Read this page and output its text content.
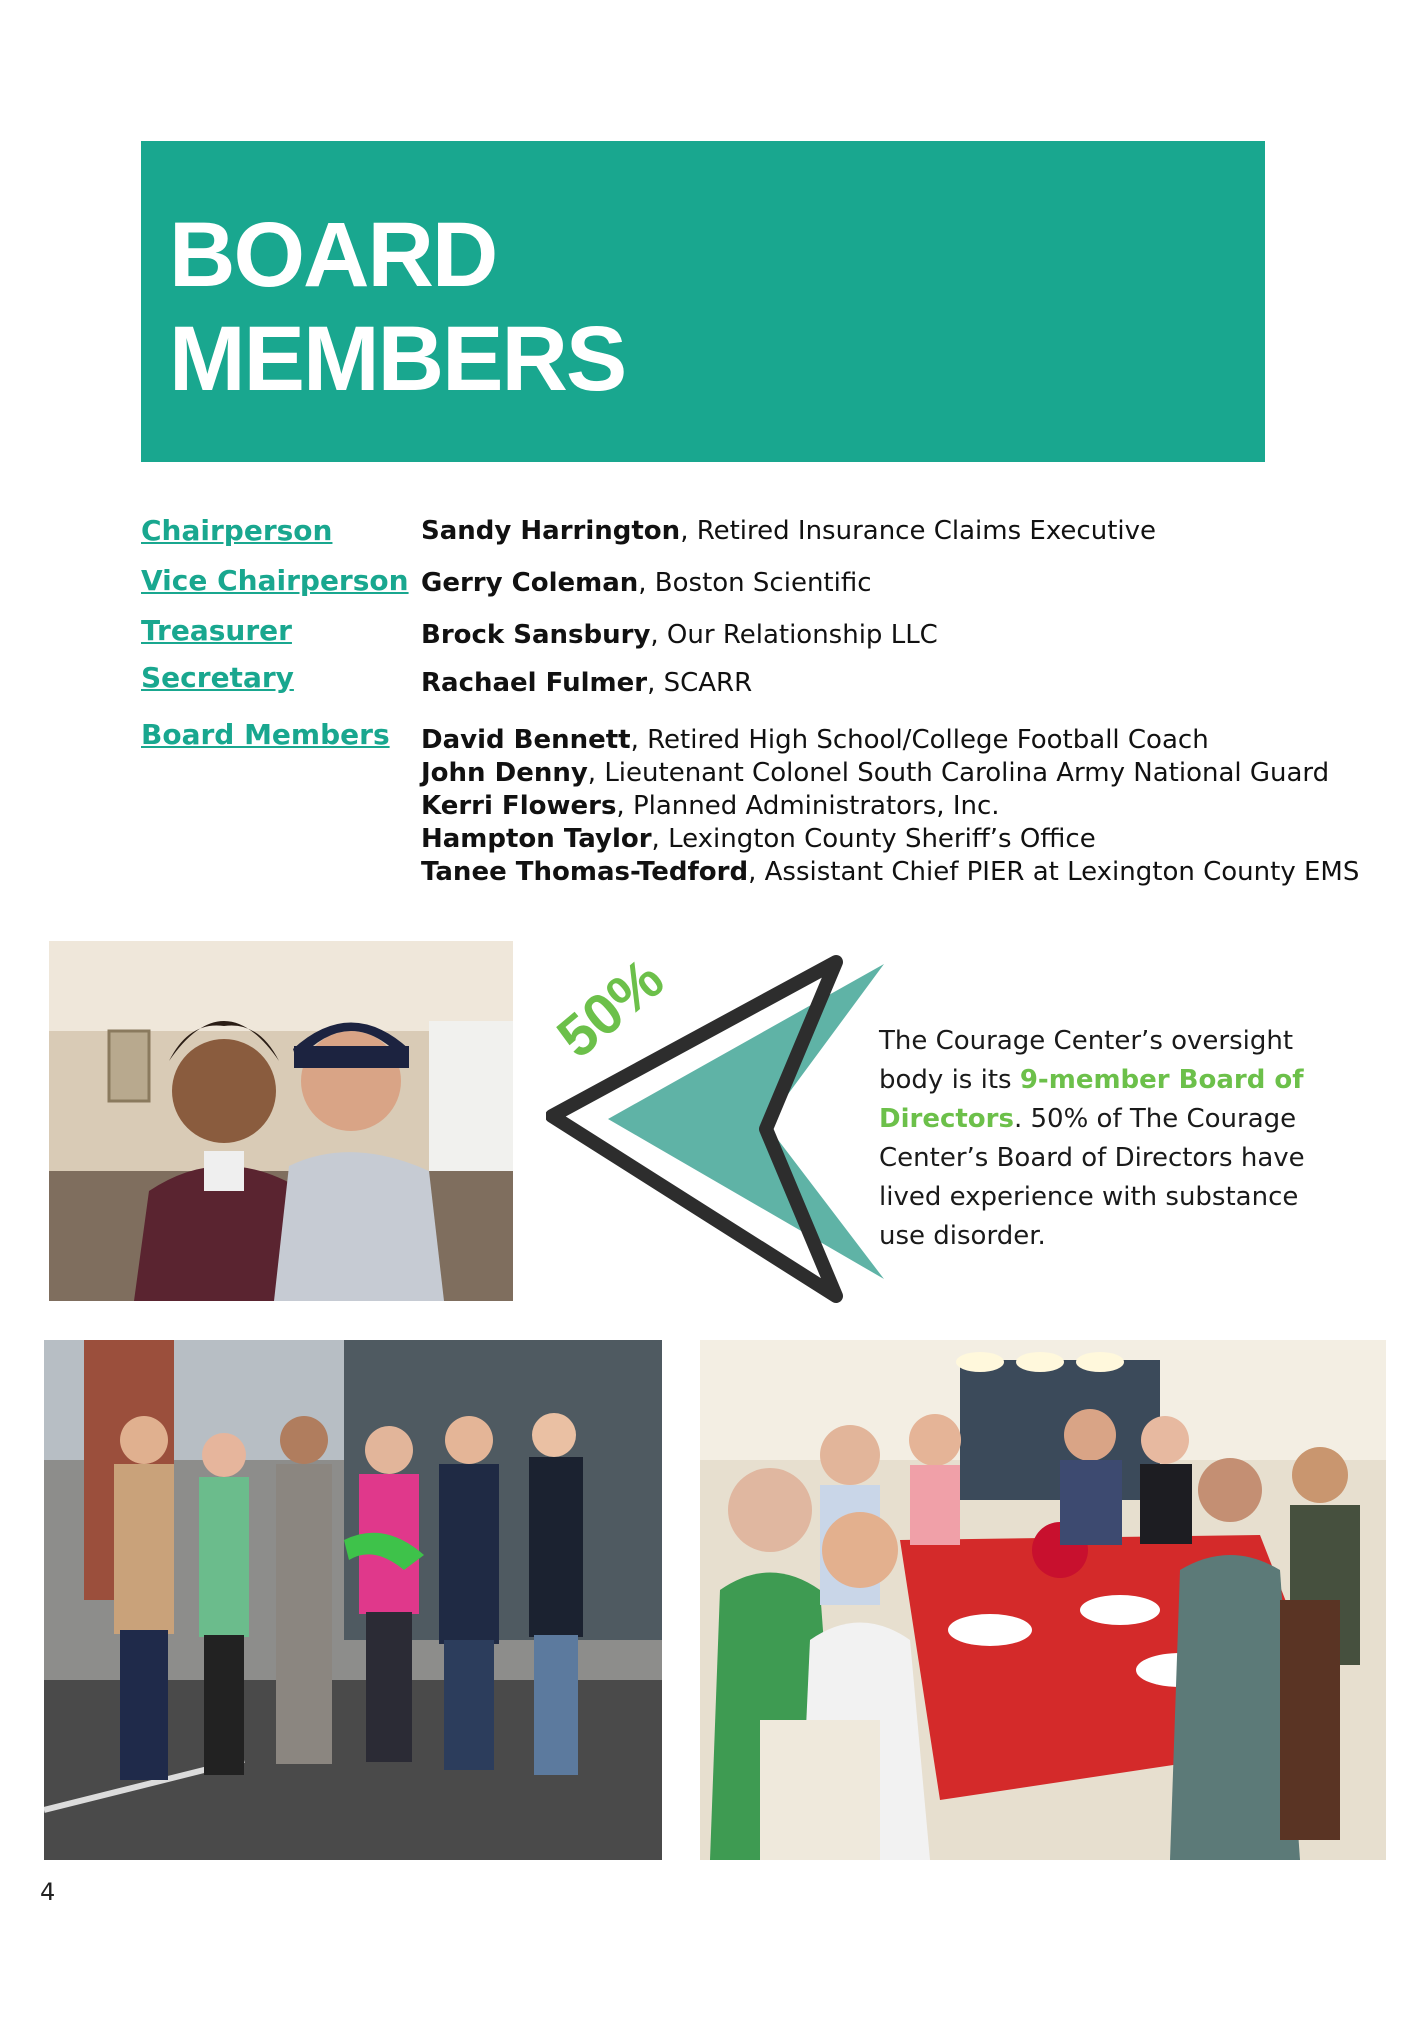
BOARD
MEMBERS
Chairperson	Sandy Harrington, Retired Insurance Claims Executive
Vice Chairperson Gerry Coleman, Boston Scientific
Treasurer	Brock Sansbury, Our Relationship LLC
Secretary	Rachael Fulmer, SCARR
Board Members David Bennett, Retired High School/College Football Coach
John Denny, Lieutenant Colonel South Carolina Army National Guard
Kerri Flowers, Planned Administrators, Inc.
Hampton Taylor, Lexington County Sheriff’s Office
Tanee Thomas-Tedford, Assistant Chief PIER at Lexington County EMS
50%	The Courage Center’s oversight body is its 9-member Board of Directors. 50% of The Courage Center’s Board of Directors have lived experience with substance use disorder.
4
